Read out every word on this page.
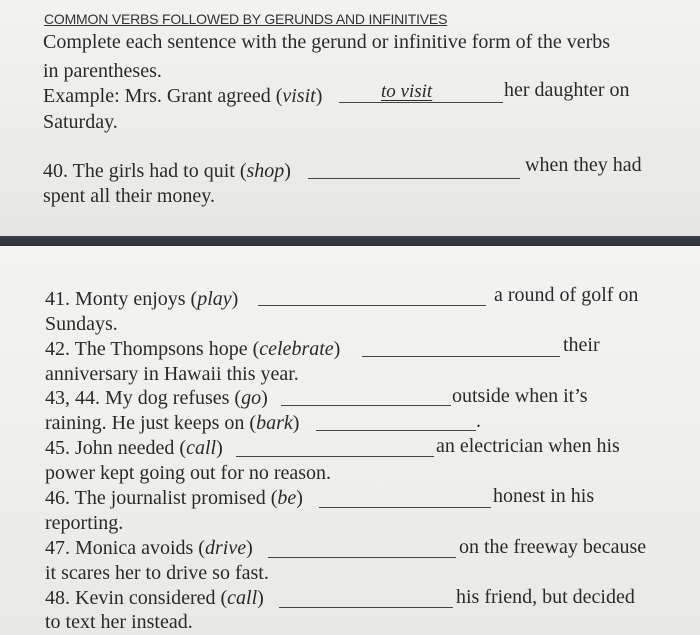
COMMON VERBS FOLLOWED BY GERUNDS AND INFINITIVES
Complete each sentence with the gerund or infinitive form of the verbs
in parentheses.
Example: Mrs. Grant agreed (visit)	to visit	her daughter on
Saturday.
40. The girls had to quit (shop)	when they had
spent all their money.
41. Monty enjoys (play)	a round of golf on
Sundays.
42. The Thompsons hope (celebrate)	their
anniversary in Hawaii this year.
43, 44. My dog refuses (go)	outside when it’s
raining. He just keeps on (bark)	.
45. John needed (call)	an electrician when his
power kept going out for no reason.
46. The journalist promised (be)	honest in his
reporting.
47. Monica avoids (drive)	on the freeway because
it scares her to drive so fast.
48. Kevin considered (call)	his friend, but decided
to text her instead.
